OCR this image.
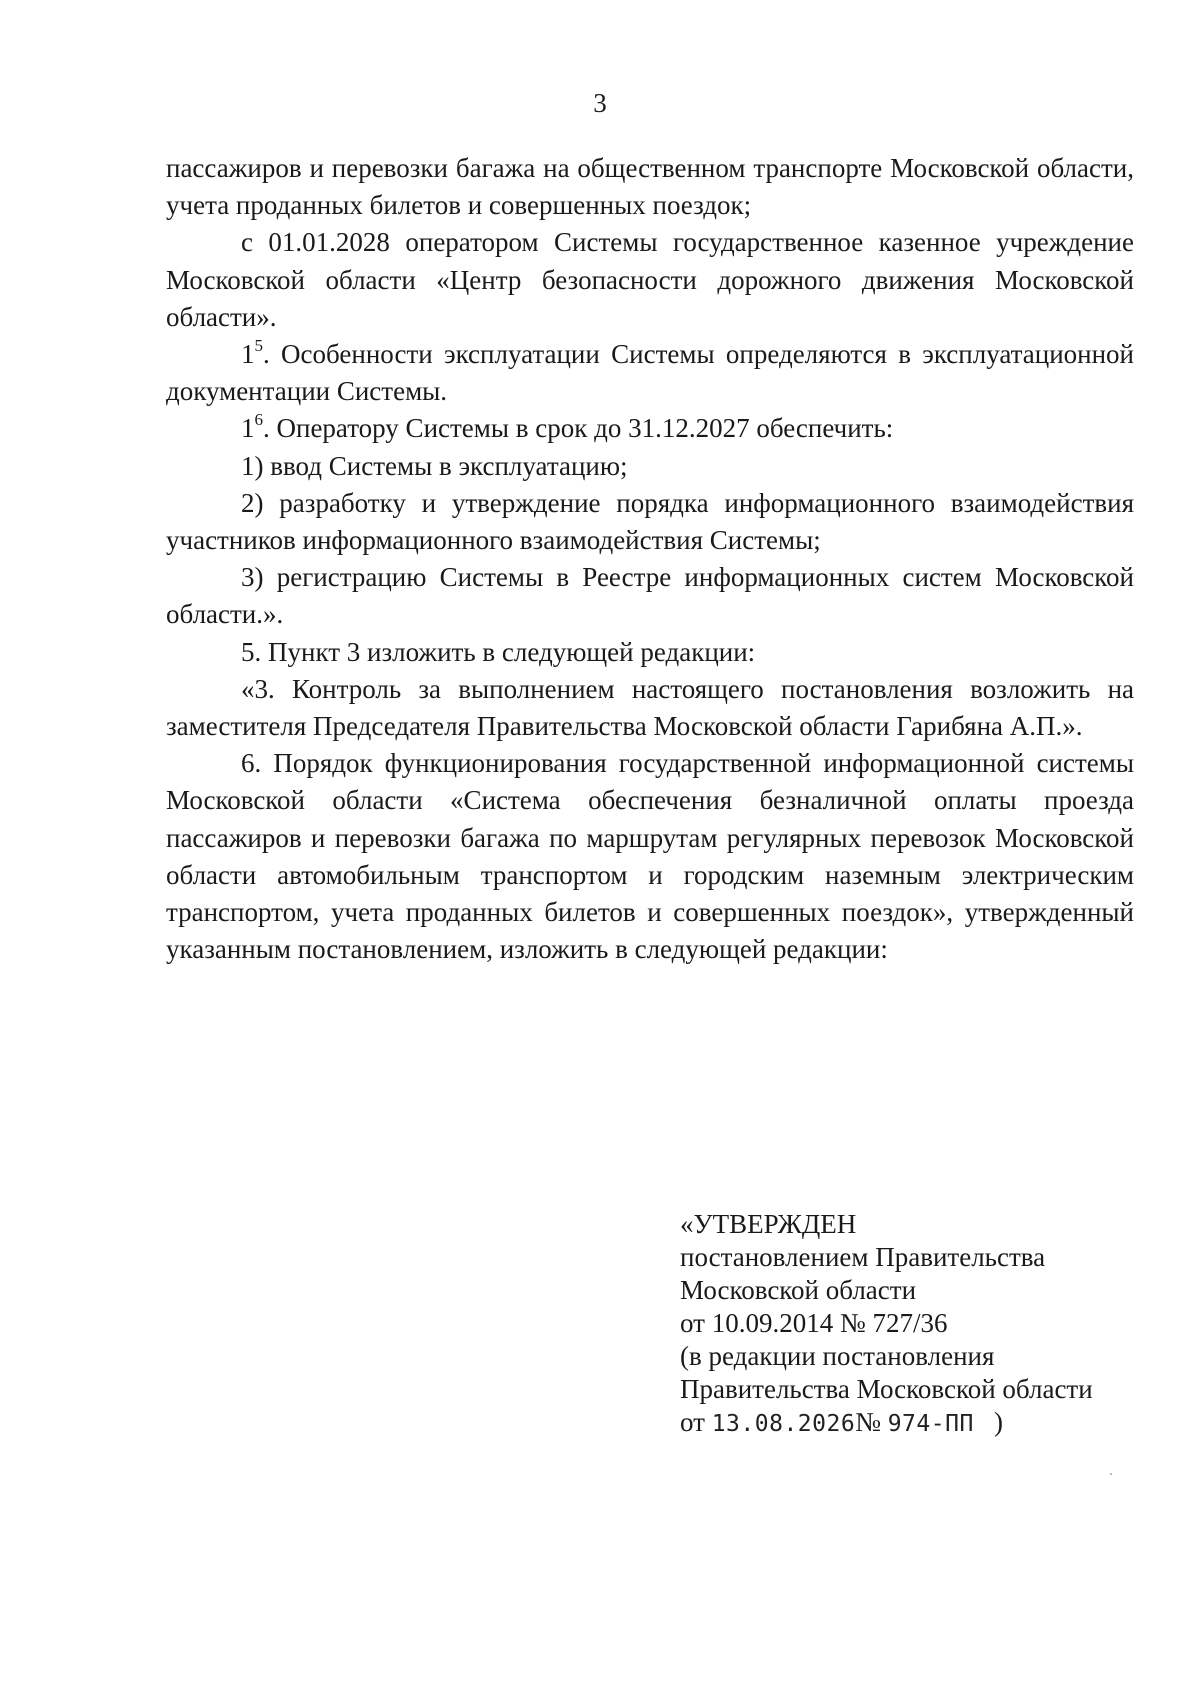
3

пассажиров и перевозки багажа на общественном транспорте Московской области, учета проданных билетов и совершенных поездок;

с 01.01.2028 оператором Системы государственное казенное учреждение Московской области «Центр безопасности дорожного движения Московской области».

$1^5$. Особенности эксплуатации Системы определяются в эксплуатационной документации Системы.

$1^6$. Оператору Системы в срок до 31.12.2027 обеспечить:

1) ввод Системы в эксплуатацию;

2) разработку и утверждение порядка информационного взаимодействия участников информационного взаимодействия Системы;

3) регистрацию Системы в Реестре информационных систем Московской области.».

5. Пункт 3 изложить в следующей редакции:

«3. Контроль за выполнением настоящего постановления возложить на заместителя Председателя Правительства Московской области Гарибяна А.П.».

6. Порядок функционирования государственной информационной системы Московской области «Система обеспечения безналичной оплаты проезда пассажиров и перевозки багажа по маршрутам регулярных перевозок Московской области автомобильным транспортом и городским наземным электрическим транспортом, учета проданных билетов и совершенных поездок», утвержденный указанным постановлением, изложить в следующей редакции:

«УТВЕРЖДЕН
постановлением Правительства
Московской области
от 10.09.2014 № 727/36
(в редакции постановления
Правительства Московской области
от 13.08.2026№ 974-ПП )
